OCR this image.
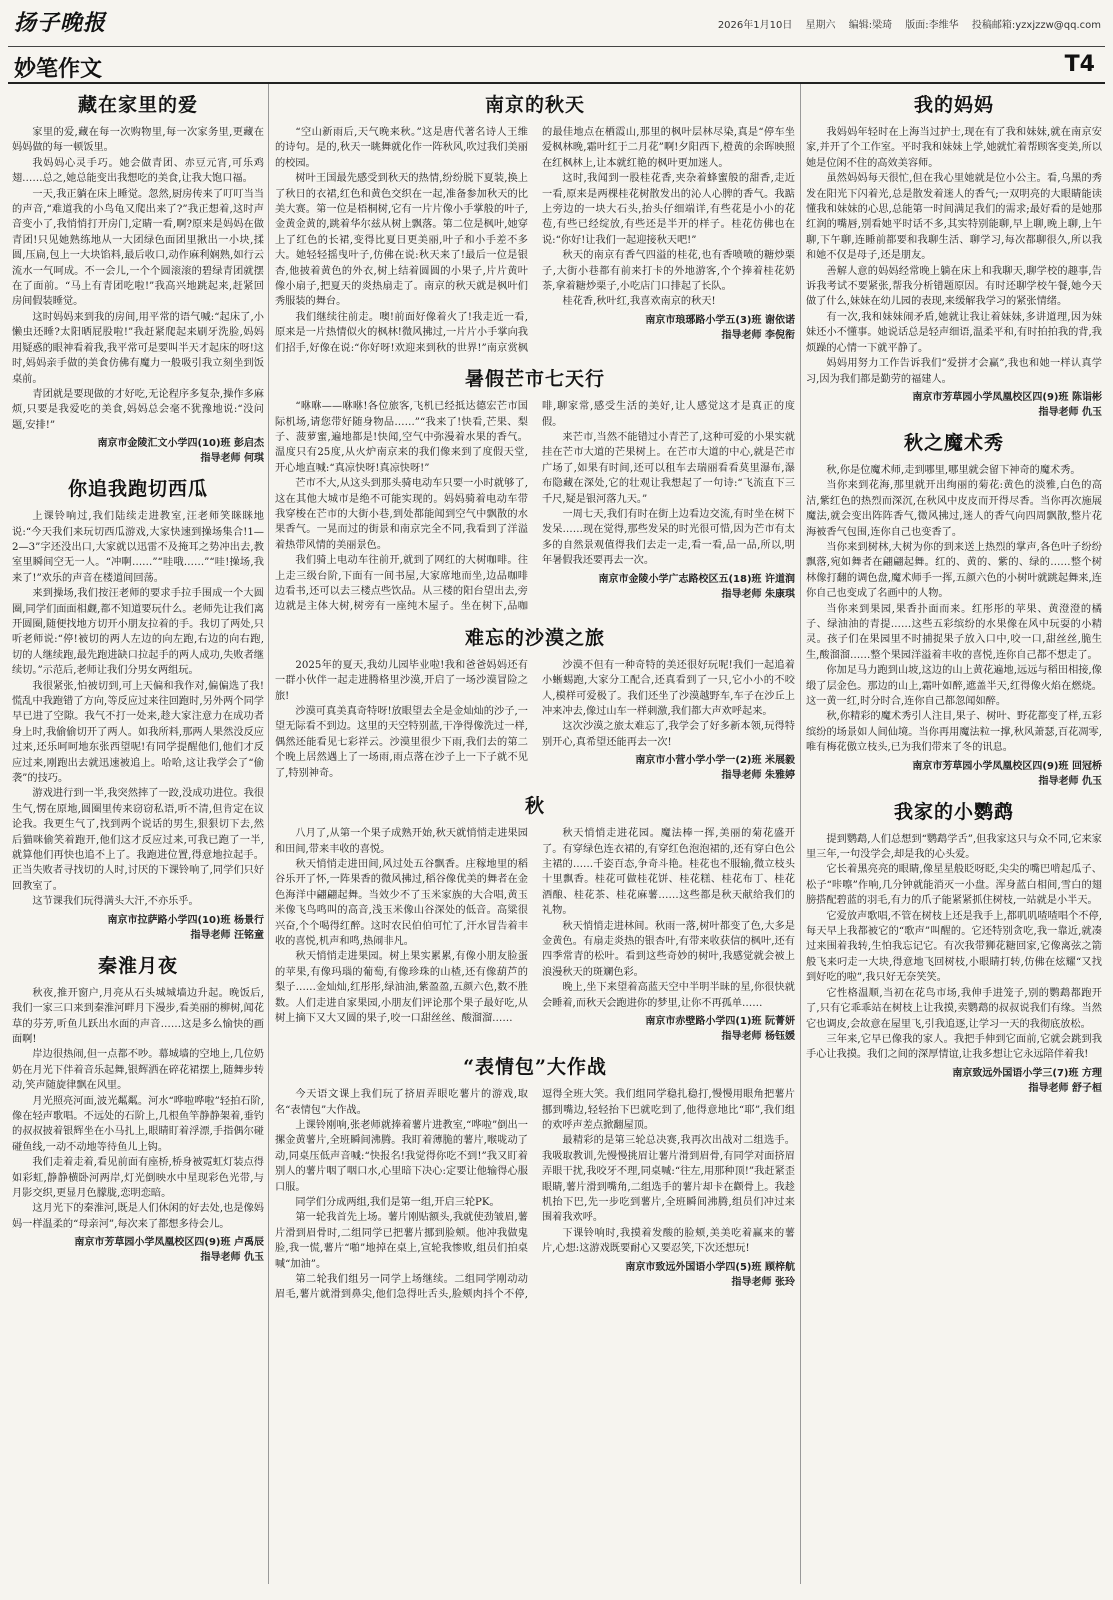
扬子晚报	2026年1月10日 星期六 编辑:梁琦 版面:李维华 投稿邮箱:yzxjzzw@qq.com
妙笔作文	T4
藏在家里的爱

家里的爱,藏在每一次购物里,每一次家务里,更藏在妈妈做的每一顿饭里。

我妈妈心灵手巧。她会做青团、赤豆元宵,可乐鸡翅……总之,她总能变出我想吃的美食,让我大饱口福。

一天,我正躺在床上睡觉。忽然,厨房传来了叮叮当当的声音,“难道我的小鸟龟又爬出来了?”我正想着,这时声音变小了,我悄悄打开房门,定睛一看,啊?原来是妈妈在做青团!只见她熟练地从一大团绿色面团里揪出一小块,揉圆,压扁,包上一大块馅料,最后收口,动作麻利娴熟,如行云流水一气呵成。不一会儿,一个个圆滚滚的碧绿青团就摆在了面前。“马上有青团吃啦!”我高兴地跳起来,赶紧回房间假装睡觉。

这时妈妈来到我的房间,用平常的语气喊:“起床了,小懒虫还睡?太阳晒屁股啦!”我赶紧爬起来刷牙洗脸,妈妈用疑惑的眼神看着我,我平常可是要叫半天才起床的呀!这时,妈妈亲手做的美食仿佛有魔力一般吸引我立刻坐到饭桌前。

青团就是要现做的才好吃,无论程序多复杂,操作多麻烦,只要是我爱吃的美食,妈妈总会毫不犹豫地说:“没问题,安排!”

南京市金陵汇文小学四(10)班 彭启杰
指导老师 何琪
你追我跑切西瓜

上课铃响过,我们陆续走进教室,汪老师笑眯眯地说:“今天我们来玩切西瓜游戏,大家快速到操场集合!1—2—3”字还没出口,大家就以迅雷不及掩耳之势冲出去,教室里瞬间空无一人。“冲啊……”“哇哦……”“哇!操场,我来了!”欢乐的声音在楼道间回荡。

来到操场,我们按汪老师的要求手拉手围成一个大圆圈,同学们面面相觑,都不知道要玩什么。老师先让我们离开圆圈,随便找地方切开小朋友拉着的手。我切了两处,只听老师说:“停!被切的两人左边的向左跑,右边的向右跑,切的人继续跑,最先跑进缺口拉起手的两人成功,失败者继续切。”示范后,老师让我们分男女两组玩。

我很紧张,怕被切到,可上天偏和我作对,偏偏选了我!慌乱中我跑错了方向,等反应过来往回跑时,另外两个同学早已进了空隙。我气不打一处来,趁大家注意力在成功者身上时,我偷偷切开了两人。如我所料,那两人果然没反应过来,还乐呵呵地东张西望呢!有同学提醒他们,他们才反应过来,刚跑出去就迅速被追上。哈哈,这让我学会了“偷袭”的技巧。

游戏进行到一半,我突然摔了一跤,没成功进位。我很生气,愣在原地,圆圈里传来窃窃私语,听不清,但肯定在议论我。我更生气了,找到两个说话的男生,狠狠切下去,然后猫咪偷笑着跑开,他们这才反应过来,可我已跑了一半,就算他们再快也追不上了。我跑进位置,得意地拉起手。正当失败者寻找切的人时,讨厌的下课铃响了,同学们只好回教室了。

这节课我们玩得满头大汗,不亦乐乎。

南京市拉萨路小学四(10)班 杨景行
指导老师 汪铭童
秦淮月夜

秋夜,推开窗户,月亮从石头城城墙边升起。晚饭后,我们一家三口来到秦淮河畔月下漫步,看美丽的柳树,闻花草的芬芳,听鱼儿跃出水面的声音……这是多么愉快的画面啊!

岸边很热闹,但一点都不吵。幕城墙的空地上,几位奶奶在月光下伴着音乐起舞,银辉洒在碎花裙摆上,随舞步转动,笑声随旋律飘在风里。

月光照亮河面,波光粼粼。河水“哗啦哗啦”轻拍石阶,像在轻声歌唱。不远处的石阶上,几根鱼竿静静架着,垂钓的叔叔披着银辉坐在小马扎上,眼睛盯着浮漂,手指偶尔碰碰鱼线,一动不动地等待鱼儿上钩。

我们走着走着,看见前面有座桥,桥身被霓虹灯装点得如彩虹,静静横卧河两岸,灯光倒映水中星现彩色光带,与月影交织,更显月色朦胧,恋明恋暗。

这月光下的秦淮河,既是人们休闲的好去处,也是像妈妈一样温柔的“母亲河”,每次来了都想多待会儿。

南京市芳草园小学凤凰校区四(9)班 卢禹辰
指导老师 仇玉
南京的秋天

“空山新雨后,天气晚来秋。”这是唐代著名诗人王维的诗句。是的,秋天一眺舞就化作一阵秋风,吹过我们美丽的校园。

树叶王国最先感受到秋天的热情,纷纷脱下夏装,换上了秋日的衣裙,红色和黄色交织在一起,准备参加秋天的比美大赛。第一位是梧桐树,它有一片片像小手掌般的叶子,金黄金黄的,跳着华尔兹从树上飘落。第二位是枫叶,她穿上了红色的长裙,变得比夏日更美丽,叶子和小手差不多大。她轻轻摇曳叶子,仿佛在说:秋天来了!最后一位是银杏,他披着黄色的外衣,树上结着圆圆的小果子,片片黄叶像小扇子,把夏天的炎热扇走了。南京的秋天就是枫叶们秀服装的舞台。

我们继续往前走。噢!前面好像着火了!我走近一看,原来是一片热情似火的枫林!微风拂过,一片片小手掌向我们招手,好像在说:“你好呀!欢迎来到秋的世界!”南京赏枫的最佳地点在栖霞山,那里的枫叶层林尽染,真是“停车坐爱枫林晚,霜叶红于二月花”啊!夕阳西下,橙黄的余晖映照在红枫林上,让本就红艳的枫叶更加迷人。

这时,我闻到一股桂花香,夹杂着蜂蜜般的甜香,走近一看,原来是两棵桂花树散发出的沁人心脾的香气。我踮上旁边的一块大石头,抬头仔细端详,有些花是小小的花苞,有些已经绽放,有些还是半开的样子。桂花仿佛也在说:“你好!让我们一起迎接秋天吧!”

秋天的南京有香气四溢的桂花,也有香喷喷的糖炒栗子,大街小巷都有前来打卡的外地游客,个个捧着桂花奶茶,拿着糖炒栗子,小吃店门口排起了长队。

桂花香,秋叶红,我喜欢南京的秋天!

南京市琅琊路小学五(3)班 谢依诺
指导老师 李倪衔
暑假芒市七天行

“咻咻——咻咻!各位旅客,飞机已经抵达德宏芒市国际机场,请您带好随身物品……”“我来了!快看,芒果、梨子、菠萝蜜,遍地都是!快闻,空气中弥漫着水果的香气。温度只有25度,从火炉南京来的我们像来到了度假天堂,开心地直喊:“真凉快呀!真凉快呀!”

芒市不大,从这头到那头骑电动车只要一小时就够了,这在其他大城市是绝不可能实现的。妈妈骑着电动车带我穿梭在芒市的大街小巷,到处都能闻到空气中飘散的水果香气。一晃而过的街景和南京完全不同,我看到了洋溢着热带风情的美丽景色。

我们骑上电动车往前开,就到了网红的大树咖啡。往上走三级台阶,下面有一间书屋,大家席地而坐,边品咖啡边看书,还可以去三楼点些饮品。从三楼的阳台望出去,旁边就是主体大树,树旁有一座纯木屋子。坐在树下,品咖啡,聊家常,感受生活的美好,让人感觉这才是真正的度假。

来芒市,当然不能错过小青芒了,这种可爱的小果实就挂在芒市大道的芒果树上。在芒市大道的中心,就是芒市广场了,如果有时间,还可以租车去瑞丽看看莫里瀑布,瀑布隐藏在深处,它的壮观让我想起了一句诗:“飞流直下三千尺,疑是银河落九天。”

一周七天,我们有时在街上边看边交流,有时坐在树下发呆……现在觉得,那些发呆的时光很可惜,因为芒市有太多的自然景观值得我们去走一走,看一看,品一品,所以,明年暑假我还要再去一次。

南京市金陵小学广志路校区五(18)班 许道润
指导老师 朱康琪
难忘的沙漠之旅

2025年的夏天,我幼儿园毕业啦!我和爸爸妈妈还有一群小伙伴一起走进腾格里沙漠,开启了一场沙漠冒险之旅!

沙漠可真美真奇特呀!放眼望去全是金灿灿的沙子,一望无际看不到边。这里的天空特别蓝,干净得像洗过一样,偶然还能看见七彩祥云。沙漠里很少下雨,我们去的第二个晚上居然遇上了一场雨,雨点落在沙子上一下子就不见了,特别神奇。

沙漠不但有一种奇特的美还很好玩呢!我们一起追着小蜥蜴跑,大家分工配合,还真看到了一只,它小小的不咬人,模样可爱极了。我们还坐了沙漠越野车,车子在沙丘上冲来冲去,像过山车一样刺激,我们都大声欢呼起来。

这次沙漠之旅太难忘了,我学会了好多新本领,玩得特别开心,真希望还能再去一次!

南京市小营小学小学一(2)班 米展毅
指导老师 朱雅婷
秋

八月了,从第一个果子成熟开始,秋天就悄悄走进果园和田间,带来丰收的喜悦。

秋天悄悄走进田间,风过处五谷飘香。庄稼地里的稻谷乐开了怀,一阵果香的微风拂过,稻谷像优美的舞者在金色海洋中翩翩起舞。当效少不了玉米家族的大合唱,黄玉米像飞鸟鸣叫的高音,浅玉米像山谷深处的低音。高粱很兴奋,个个喝得红醉。这时农民伯伯可忙了,汗水冒告着丰收的喜悦,机声和鸣,热闹非凡。

秋天悄悄走进果园。树上果实累累,有像小朋友脸蛋的苹果,有像玛瑙的葡萄,有像珍珠的山楂,还有像葫芦的梨子……金灿灿,红彤彤,绿油油,紫盈盈,五颜六色,数不胜数。人们走进自家果园,小朋友们评论那个果子最好吃,从树上摘下又大又圆的果子,咬一口甜丝丝、酸溜溜……

秋天悄悄走进花园。魔法棒一挥,美丽的菊花盛开了。有穿绿色连衣裙的,有穿红色泡泡裙的,还有穿白色公主裙的……千姿百态,争奇斗艳。桂花也不服输,微立枝头十里飘香。桂花可做桂花饼、桂花糕、桂花布丁、桂花酒酿、桂花茶、桂花麻薯……这些都是秋天献给我们的礼物。

秋天悄悄走进林间。秋雨一落,树叶都变了色,大多是金黄色。有扇走炎热的银杏叶,有带来收获信的枫叶,还有四季常青的松叶。看到这些奇妙的树叶,我感觉就会被上浪漫秋天的斑斓色彩。

晚上,坐下来望着高蓝天空中半明半昧的星,你很快就会睡着,而秋天会跑进你的梦里,让你不再孤单……

南京市赤壁路小学四(1)班 阮菁妍
指导老师 杨钰媛
“表情包”大作战

今天语文课上我们玩了挤眉弄眼吃薯片的游戏,取名“表情包”大作战。

上课铃刚响,张老师就捧着薯片进教室,“哗啦”倒出一摞金黄薯片,全班瞬间沸腾。我盯着薄脆的薯片,喉咙动了动,同桌压低声音喊:“快报名!我觉得你吃不到!”我又盯着别人的薯片咽了咽口水,心里暗下决心:定要让他输得心服口服。

同学们分成两组,我们是第一组,开启三轮PK。

第一轮我首先上场。薯片刚贴额头,我就使劲皱眉,薯片滑到眉骨时,二组同学已把薯片挪到脸颊。他冲我做鬼脸,我一慌,薯片“啪”地掉在桌上,宣轮我惨败,组员们拍桌喊“加油”。

第二轮我们组另一同学上场继续。二组同学刚动动眉毛,薯片就滑到鼻尖,他们急得吐舌头,脸颊肉抖个不停,逗得全班大笑。我们组同学稳扎稳打,慢慢用眼角把薯片挪到嘴边,轻轻抬下巴就吃到了,他得意地比“耶”,我们组的欢呼声差点掀翻屋顶。

最精彩的是第三轮总决赛,我再次出战对二组选手。我吸取教训,先慢慢挑眉让薯片滑到眉骨,有同学对面挤眉弄眼干扰,我咬牙不理,同桌喊:“往左,用那种顶!”我赶紧歪眼睛,薯片滑到嘴角,二组选手的薯片却卡在颧骨上。我趁机抬下巴,先一步吃到薯片,全班瞬间沸腾,组员们冲过来围着我欢呼。

下课铃响时,我摸着发酸的脸颊,美美吃着赢来的薯片,心想:这游戏既要耐心又要忍笑,下次还想玩!

南京市致远外国语小学四(5)班 顾梓航
指导老师 张玲
我的妈妈

我妈妈年轻时在上海当过护士,现在有了我和妹妹,就在南京安家,并开了个工作室。平时我和妹妹上学,她就忙着帮顾客变美,所以她是位闲不住的高效美容师。

虽然妈妈每天很忙,但在我心里她就是位小公主。看,乌黑的秀发在阳光下闪着光,总是散发着迷人的香气;一双明亮的大眼睛能读懂我和妹妹的心思,总能第一时间满足我们的需求;最好看的是她那红润的嘴唇,别看她平时话不多,其实特别能聊,早上聊,晚上聊,上午聊,下午聊,连睡前都要和我聊生活、聊学习,每次都聊很久,所以我和她不仅是母子,还是朋友。

善解人意的妈妈经常晚上躺在床上和我聊天,聊学校的趣事,告诉我考试不要紧张,帮我分析错题原因。有时还聊学校午餐,她今天做了什么,妹妹在幼儿园的表现,来缓解我学习的紧张情绪。

有一次,我和妹妹闹矛盾,她就让我让着妹妹,多讲道理,因为妹妹还小不懂事。她说话总是轻声细语,温柔平和,有时拍拍我的背,我烦躁的心情一下就平静了。

妈妈用努力工作告诉我们“爱拼才会赢”,我也和她一样认真学习,因为我们都是勤劳的福建人。

南京市芳草园小学凤凰校区四(9)班 陈诣彬
指导老师 仇玉
秋之魔术秀

秋,你是位魔术师,走到哪里,哪里就会留下神奇的魔术秀。

当你来到花海,那里就开出绚丽的菊花:黄色的淡雅,白色的高洁,紫红色的热烈而深沉,在秋风中皮皮而开得尽香。当你再次施展魔法,就会变出阵阵香气,微风拂过,迷人的香气向四周飘散,整片花海被香气包围,连你自己也变香了。

当你来到树林,大树为你的到来送上热烈的掌声,各色叶子纷纷飘落,宛如舞者在翩翩起舞。红的、黄的、紫的、绿的……整个树林像打翻的调色盘,魔术师手一挥,五颜六色的小树叶就跳起舞来,连你自己也变成了名画中的人物。

当你来到果园,果香扑面而来。红彤彤的苹果、黄澄澄的橘子、绿油油的青提……这些五彩缤纷的水果像在风中玩耍的小精灵。孩子们在果园里不时捕捉果子放入口中,咬一口,甜丝丝,脆生生,酸溜溜……整个果园洋溢着丰收的喜悦,连你自己都不想走了。

你加足马力跑到山坡,这边的山上黄花遍地,远远与稻田相接,像缎了层金色。那边的山上,霜叶如醉,遮盖半天,红得像火焰在燃烧。这一黄一红,时分时合,连你自己都忽闻如醉。

秋,你精彩的魔术秀引人注目,果子、树叶、野花都变了样,五彩缤纷的场景如人间仙境。当你再用魔法粒一撑,秋风萧瑟,百花凋零,唯有梅花傲立枝头,已为我们带来了冬的讯息。

南京市芳草园小学凤凰校区四(9)班 回冠桥
指导老师 仇玉
我家的小鹦鹉

提到鹦鹉,人们总想到“鹦鹉学舌”,但我家这只与众不同,它来家里三年,一句没学会,却是我的心头爱。

它长着黑亮亮的眼睛,像星星般眨呀眨,尖尖的嘴巴啃起瓜子、松子“咔嚓”作响,几分钟就能消灭一小盘。浑身蓝白相间,雪白的翅膀搭配碧蓝的羽毛,有力的爪子能紧紧抓住树枝,一站就是小半天。

它爱放声歌唱,不管在树枝上还是我手上,都叽叽喳喳唱个不停,每天早上我都被它的“歌声”叫醒的。它还特别贪吃,我一靠近,就凑过来围着我转,生怕我忘记它。有次我带狮花糖回家,它像离弦之箭般飞来叼走一大块,得意地飞回树枝,小眼睛打转,仿佛在炫耀“又找到好吃的啦”,我只好无奈笑笑。

它性格温顺,当初在花鸟市场,我伸手进笼子,别的鹦鹉都跑开了,只有它乖乖站在树枝上让我摸,卖鹦鹉的叔叔说我们有缘。当然它也调皮,会故意在屋里飞,引我追逐,让学习一天的我彻底放松。

三年来,它早已像我的家人。我把手伸到它面前,它就会跳到我手心让我摸。我们之间的深厚情谊,让我多想让它永远陪伴着我!

南京致远外国语小学三(7)班 方理
指导老师 舒子桓
